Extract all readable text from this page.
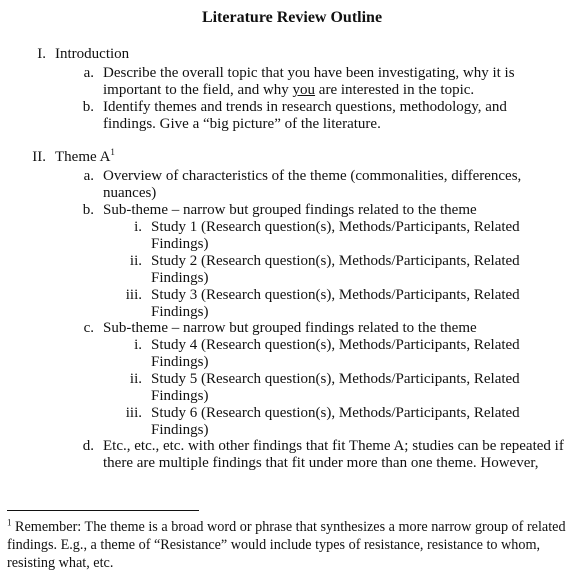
Literature Review Outline
I. Introduction
a. Describe the overall topic that you have been investigating, why it is important to the field, and why you are interested in the topic.
b. Identify themes and trends in research questions, methodology, and findings. Give a “big picture” of the literature.
II. Theme $A^1$
a. Overview of characteristics of the theme (commonalities, differences, nuances)
b. Sub-theme – narrow but grouped findings related to the theme
i. Study 1 (Research question(s), Methods/Participants, Related Findings)
ii. Study 2 (Research question(s), Methods/Participants, Related Findings)
iii. Study 3 (Research question(s), Methods/Participants, Related Findings)
c. Sub-theme – narrow but grouped findings related to the theme
i. Study 4 (Research question(s), Methods/Participants, Related Findings)
ii. Study 5 (Research question(s), Methods/Participants, Related Findings)
iii. Study 6 (Research question(s), Methods/Participants, Related Findings)
d. Etc., etc., etc. with other findings that fit Theme A; studies can be repeated if there are multiple findings that fit under more than one theme. However,
$^1$ Remember: The theme is a broad word or phrase that synthesizes a more narrow group of related findings. E.g., a theme of “Resistance” would include types of resistance, resistance to whom, resisting what, etc.
